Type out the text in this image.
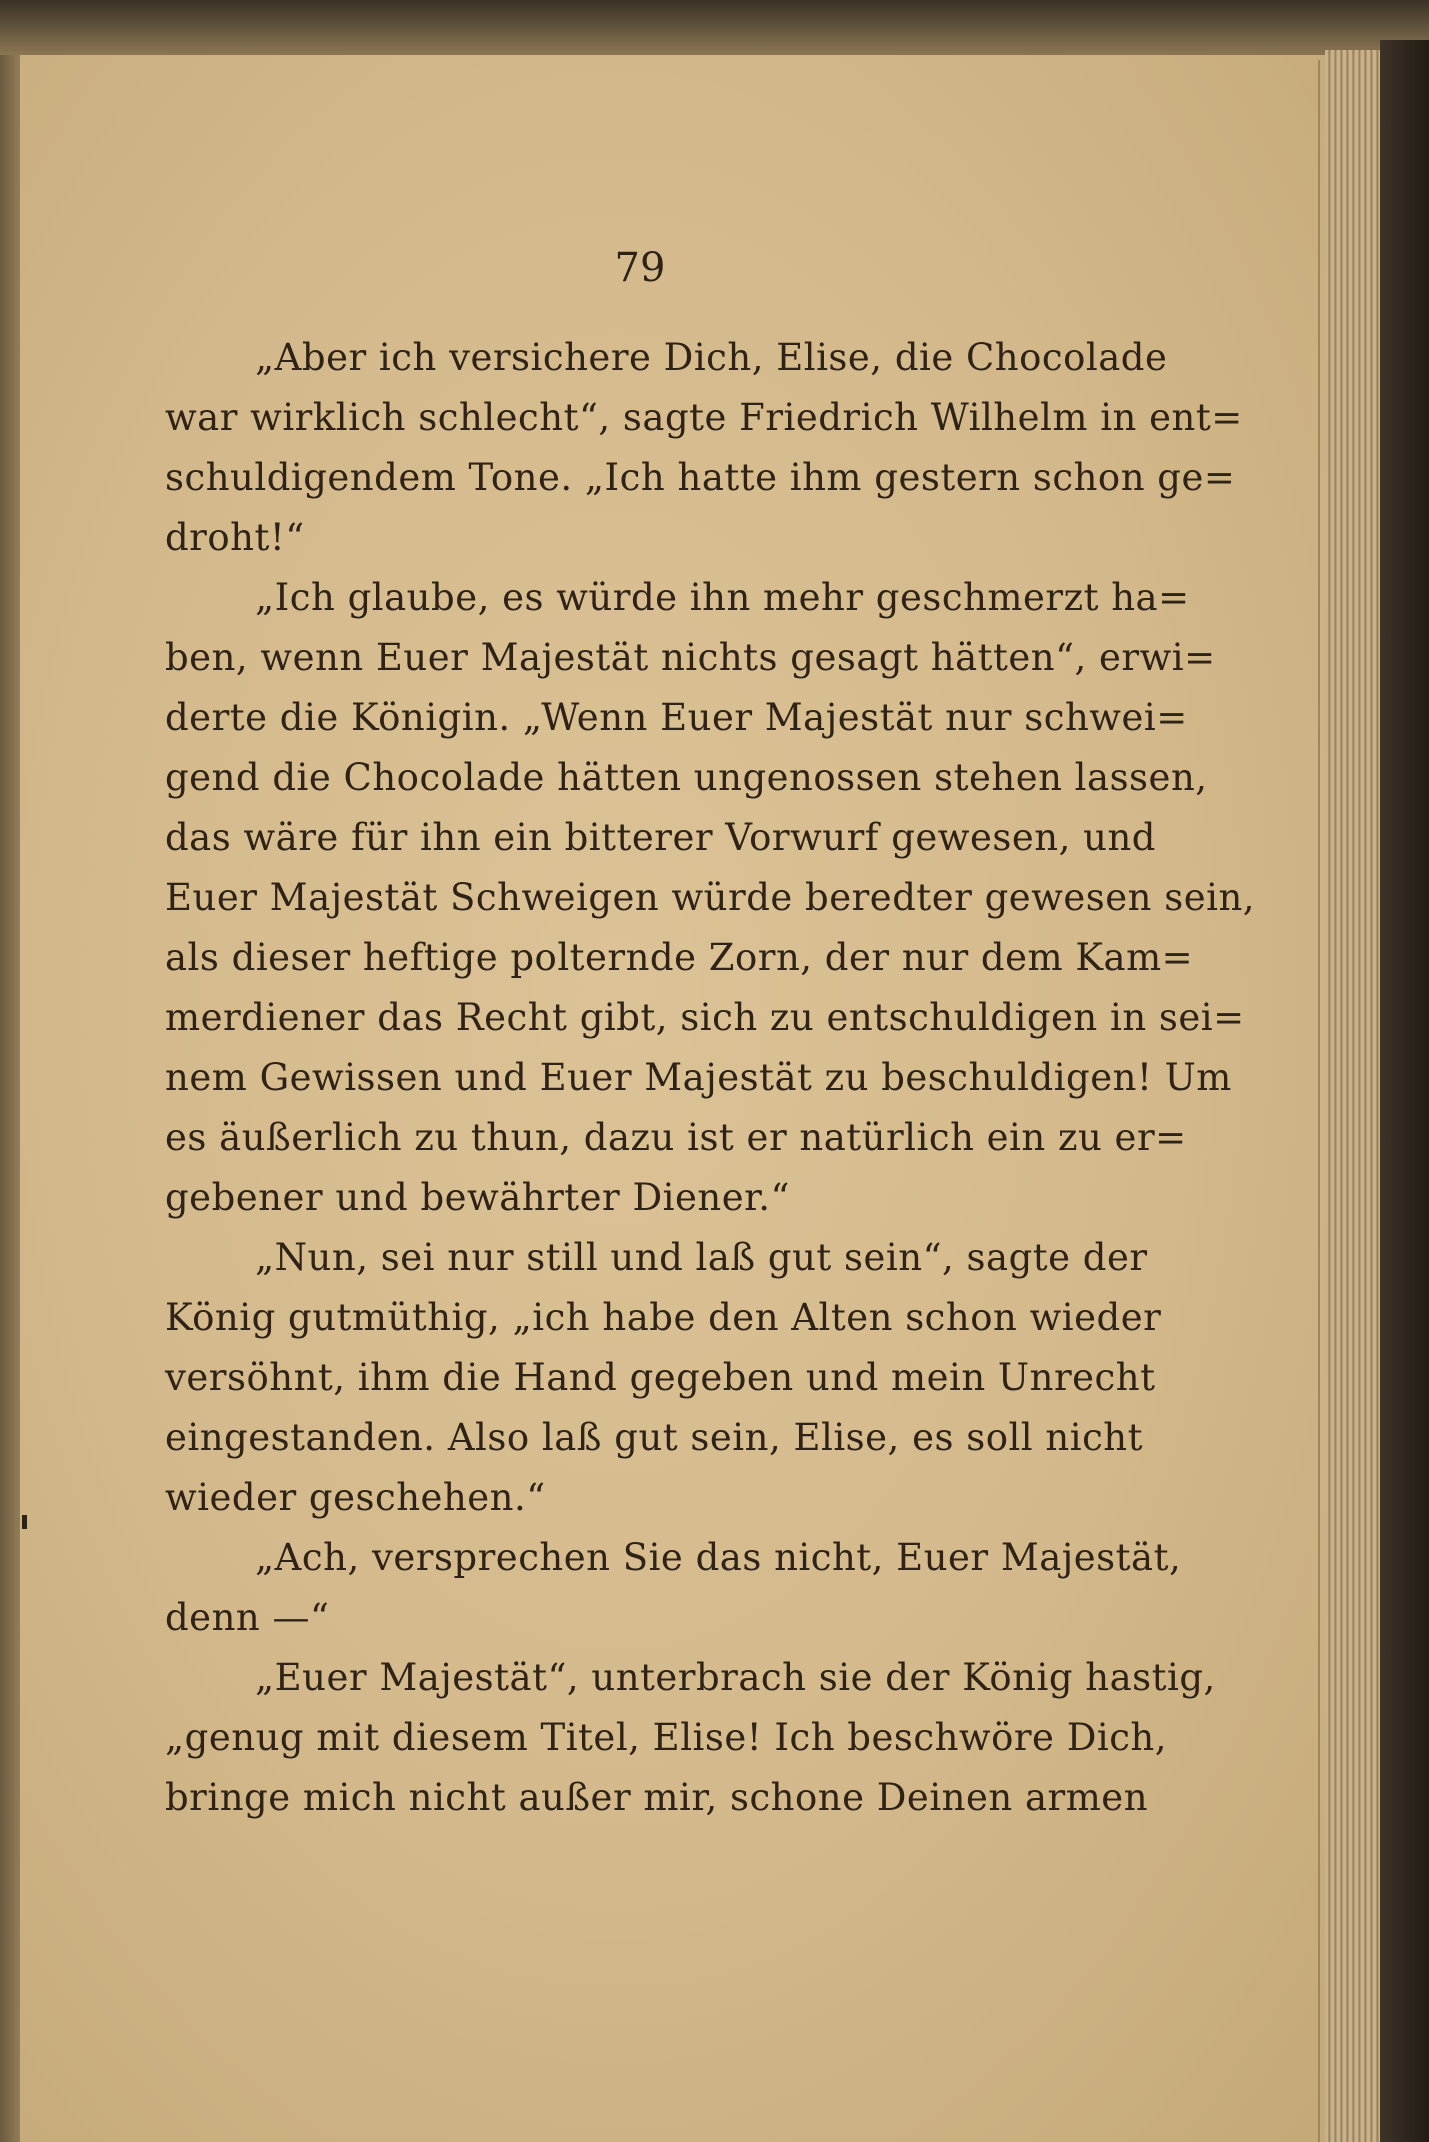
79
„Aber ich versichere Dich, Elise, die Chocolade
war wirklich schlecht“, sagte Friedrich Wilhelm in ent=
schuldigendem Tone. „Ich hatte ihm gestern schon ge=
droht!“
„Ich glaube, es würde ihn mehr geschmerzt ha=
ben, wenn Euer Majestät nichts gesagt hätten“, erwi=
derte die Königin. „Wenn Euer Majestät nur schwei=
gend die Chocolade hätten ungenossen stehen lassen,
das wäre für ihn ein bitterer Vorwurf gewesen, und
Euer Majestät Schweigen würde beredter gewesen sein,
als dieser heftige polternde Zorn, der nur dem Kam=
merdiener das Recht gibt, sich zu entschuldigen in sei=
nem Gewissen und Euer Majestät zu beschuldigen! Um
es äußerlich zu thun, dazu ist er natürlich ein zu er=
gebener und bewährter Diener.“
„Nun, sei nur still und laß gut sein“, sagte der
König gutmüthig, „ich habe den Alten schon wieder
versöhnt, ihm die Hand gegeben und mein Unrecht
eingestanden. Also laß gut sein, Elise, es soll nicht
wieder geschehen.“
„Ach, versprechen Sie das nicht, Euer Majestät,
denn —“
„Euer Majestät“, unterbrach sie der König hastig,
„genug mit diesem Titel, Elise! Ich beschwöre Dich,
bringe mich nicht außer mir, schone Deinen armen
